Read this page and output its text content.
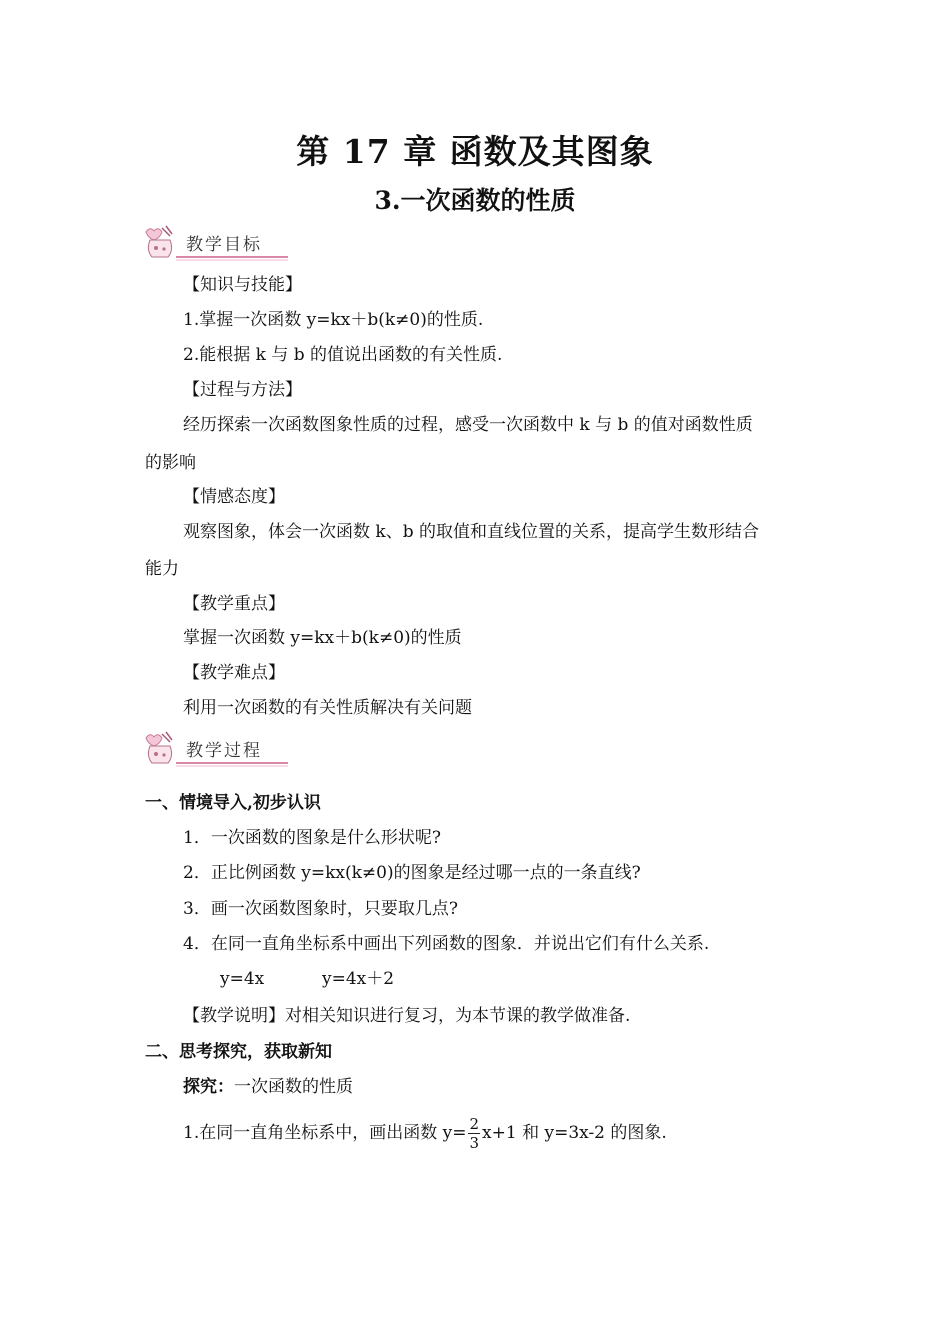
第 17 章 函数及其图象
3.一次函数的性质
教学目标
【知识与技能】
1.掌握一次函数 y=kx＋b(k≠0)的性质.
2.能根据 k 与 b 的值说出函数的有关性质.
【过程与方法】
经历探索一次函数图象性质的过程，感受一次函数中 k 与 b 的值对函数性质
的影响
【情感态度】
观察图象，体会一次函数 k、b 的取值和直线位置的关系，提高学生数形结合
能力
【教学重点】
掌握一次函数 y=kx＋b(k≠0)的性质
【教学难点】
利用一次函数的有关性质解决有关问题
教学过程
一、情境导入,初步认识
1．一次函数的图象是什么形状呢?
2．正比例函数 y=kx(k≠0)的图象是经过哪一点的一条直线?
3．画一次函数图象时，只要取几点?
4．在同一直角坐标系中画出下列函数的图象．并说出它们有什么关系.
y=4x	y=4x＋2
【教学说明】对相关知识进行复习，为本节课的教学做准备.
二、思考探究，获取新知
探究：一次函数的性质
1.在同一直角坐标系中，画出函数 $y= \frac{2}{3} x+1$ 和 y=3x-2 的图象.
